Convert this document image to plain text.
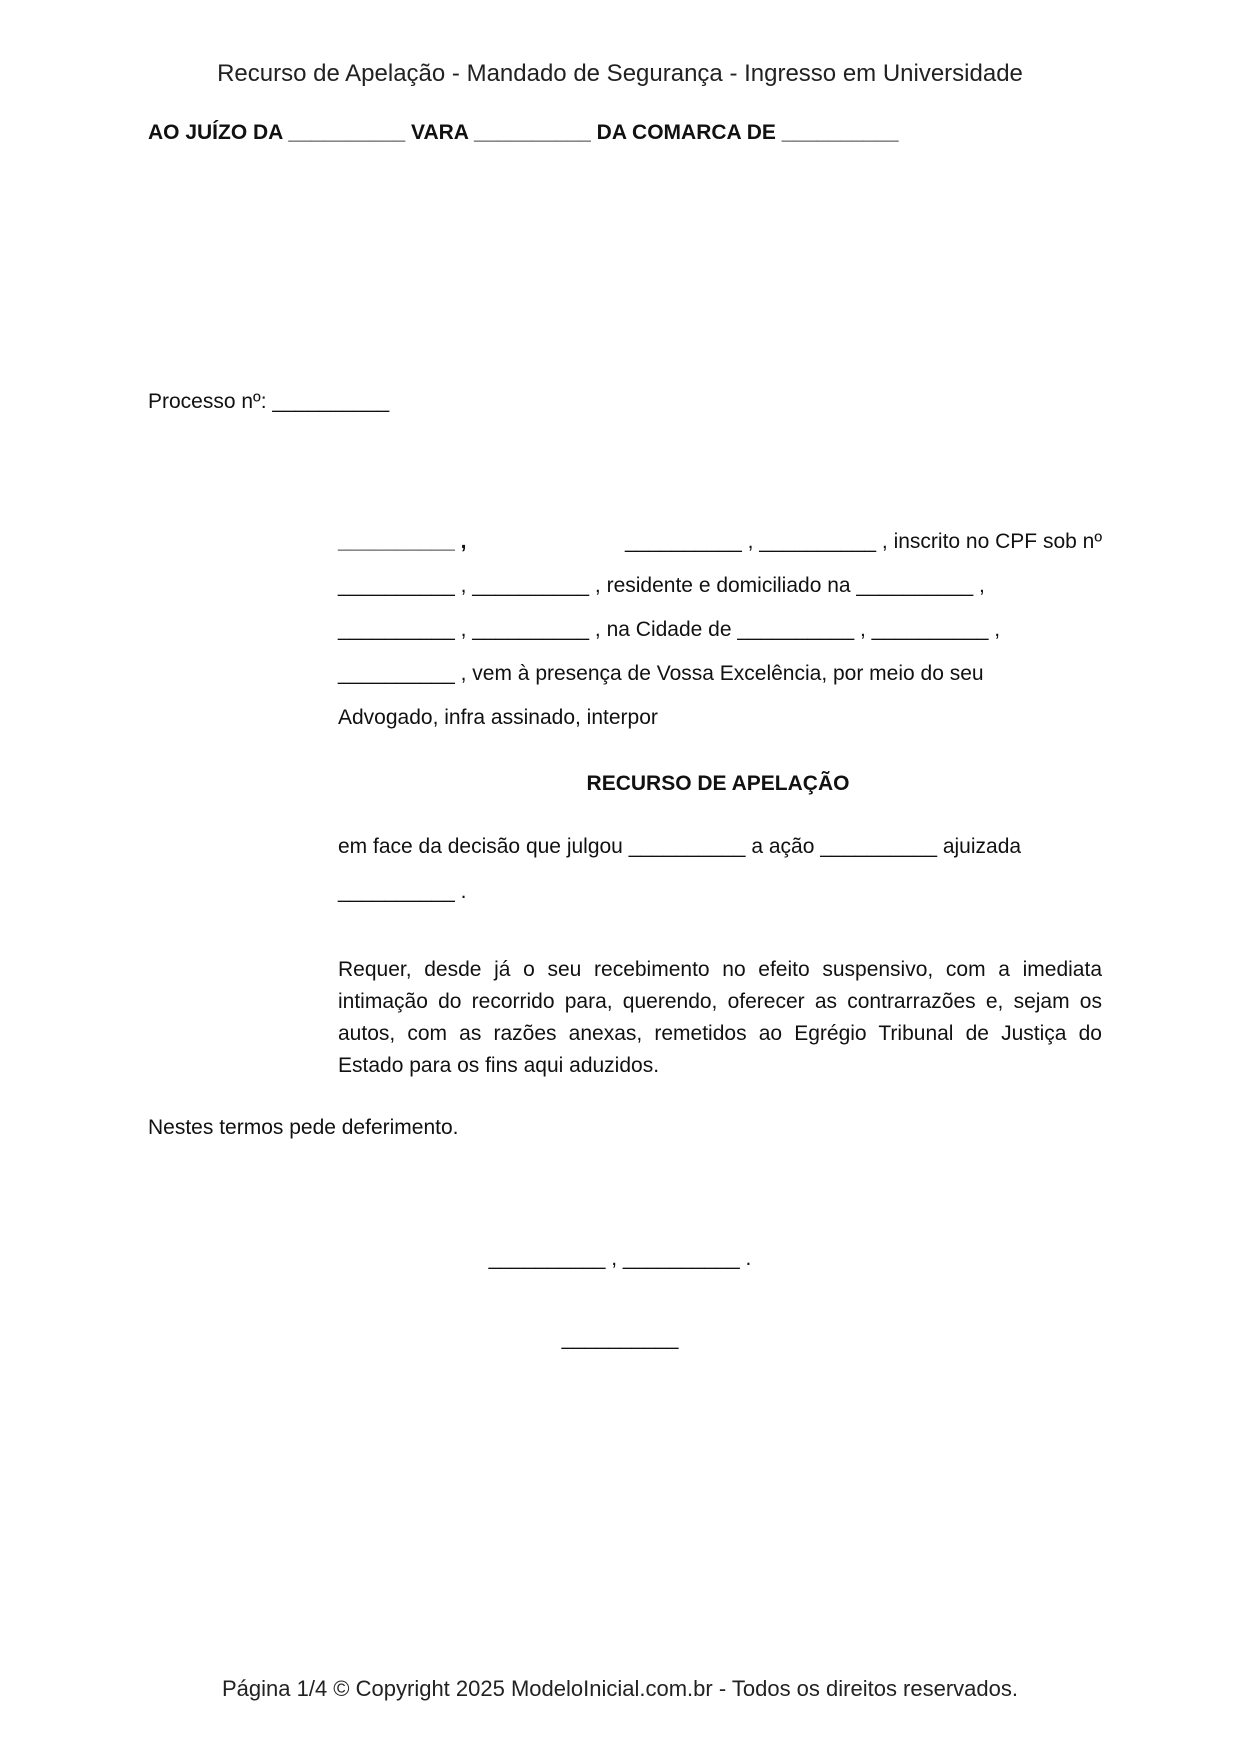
Recurso de Apelação - Mandado de Segurança - Ingresso em Universidade
AO JUÍZO DA __________ VARA __________ DA COMARCA DE __________
Processo nº: __________
__________ ,	__________ , __________ , inscrito no CPF sob nº
__________ , __________ , residente e domiciliado na __________ ,
__________ , __________ , na Cidade de __________ , __________ ,
__________ , vem à presença de Vossa Excelência, por meio do seu
Advogado, infra assinado, interpor
RECURSO DE APELAÇÃO
em face da decisão que julgou __________ a ação __________ ajuizada
__________ .
Requer, desde já o seu recebimento no efeito suspensivo, com a imediata intimação do recorrido para, querendo, oferecer as contrarrazões e, sejam os autos, com as razões anexas, remetidos ao Egrégio Tribunal de Justiça do Estado para os fins aqui aduzidos.
Nestes termos pede deferimento.
__________ , __________ .
__________
Página 1/4 © Copyright 2025 ModeloInicial.com.br - Todos os direitos reservados.
